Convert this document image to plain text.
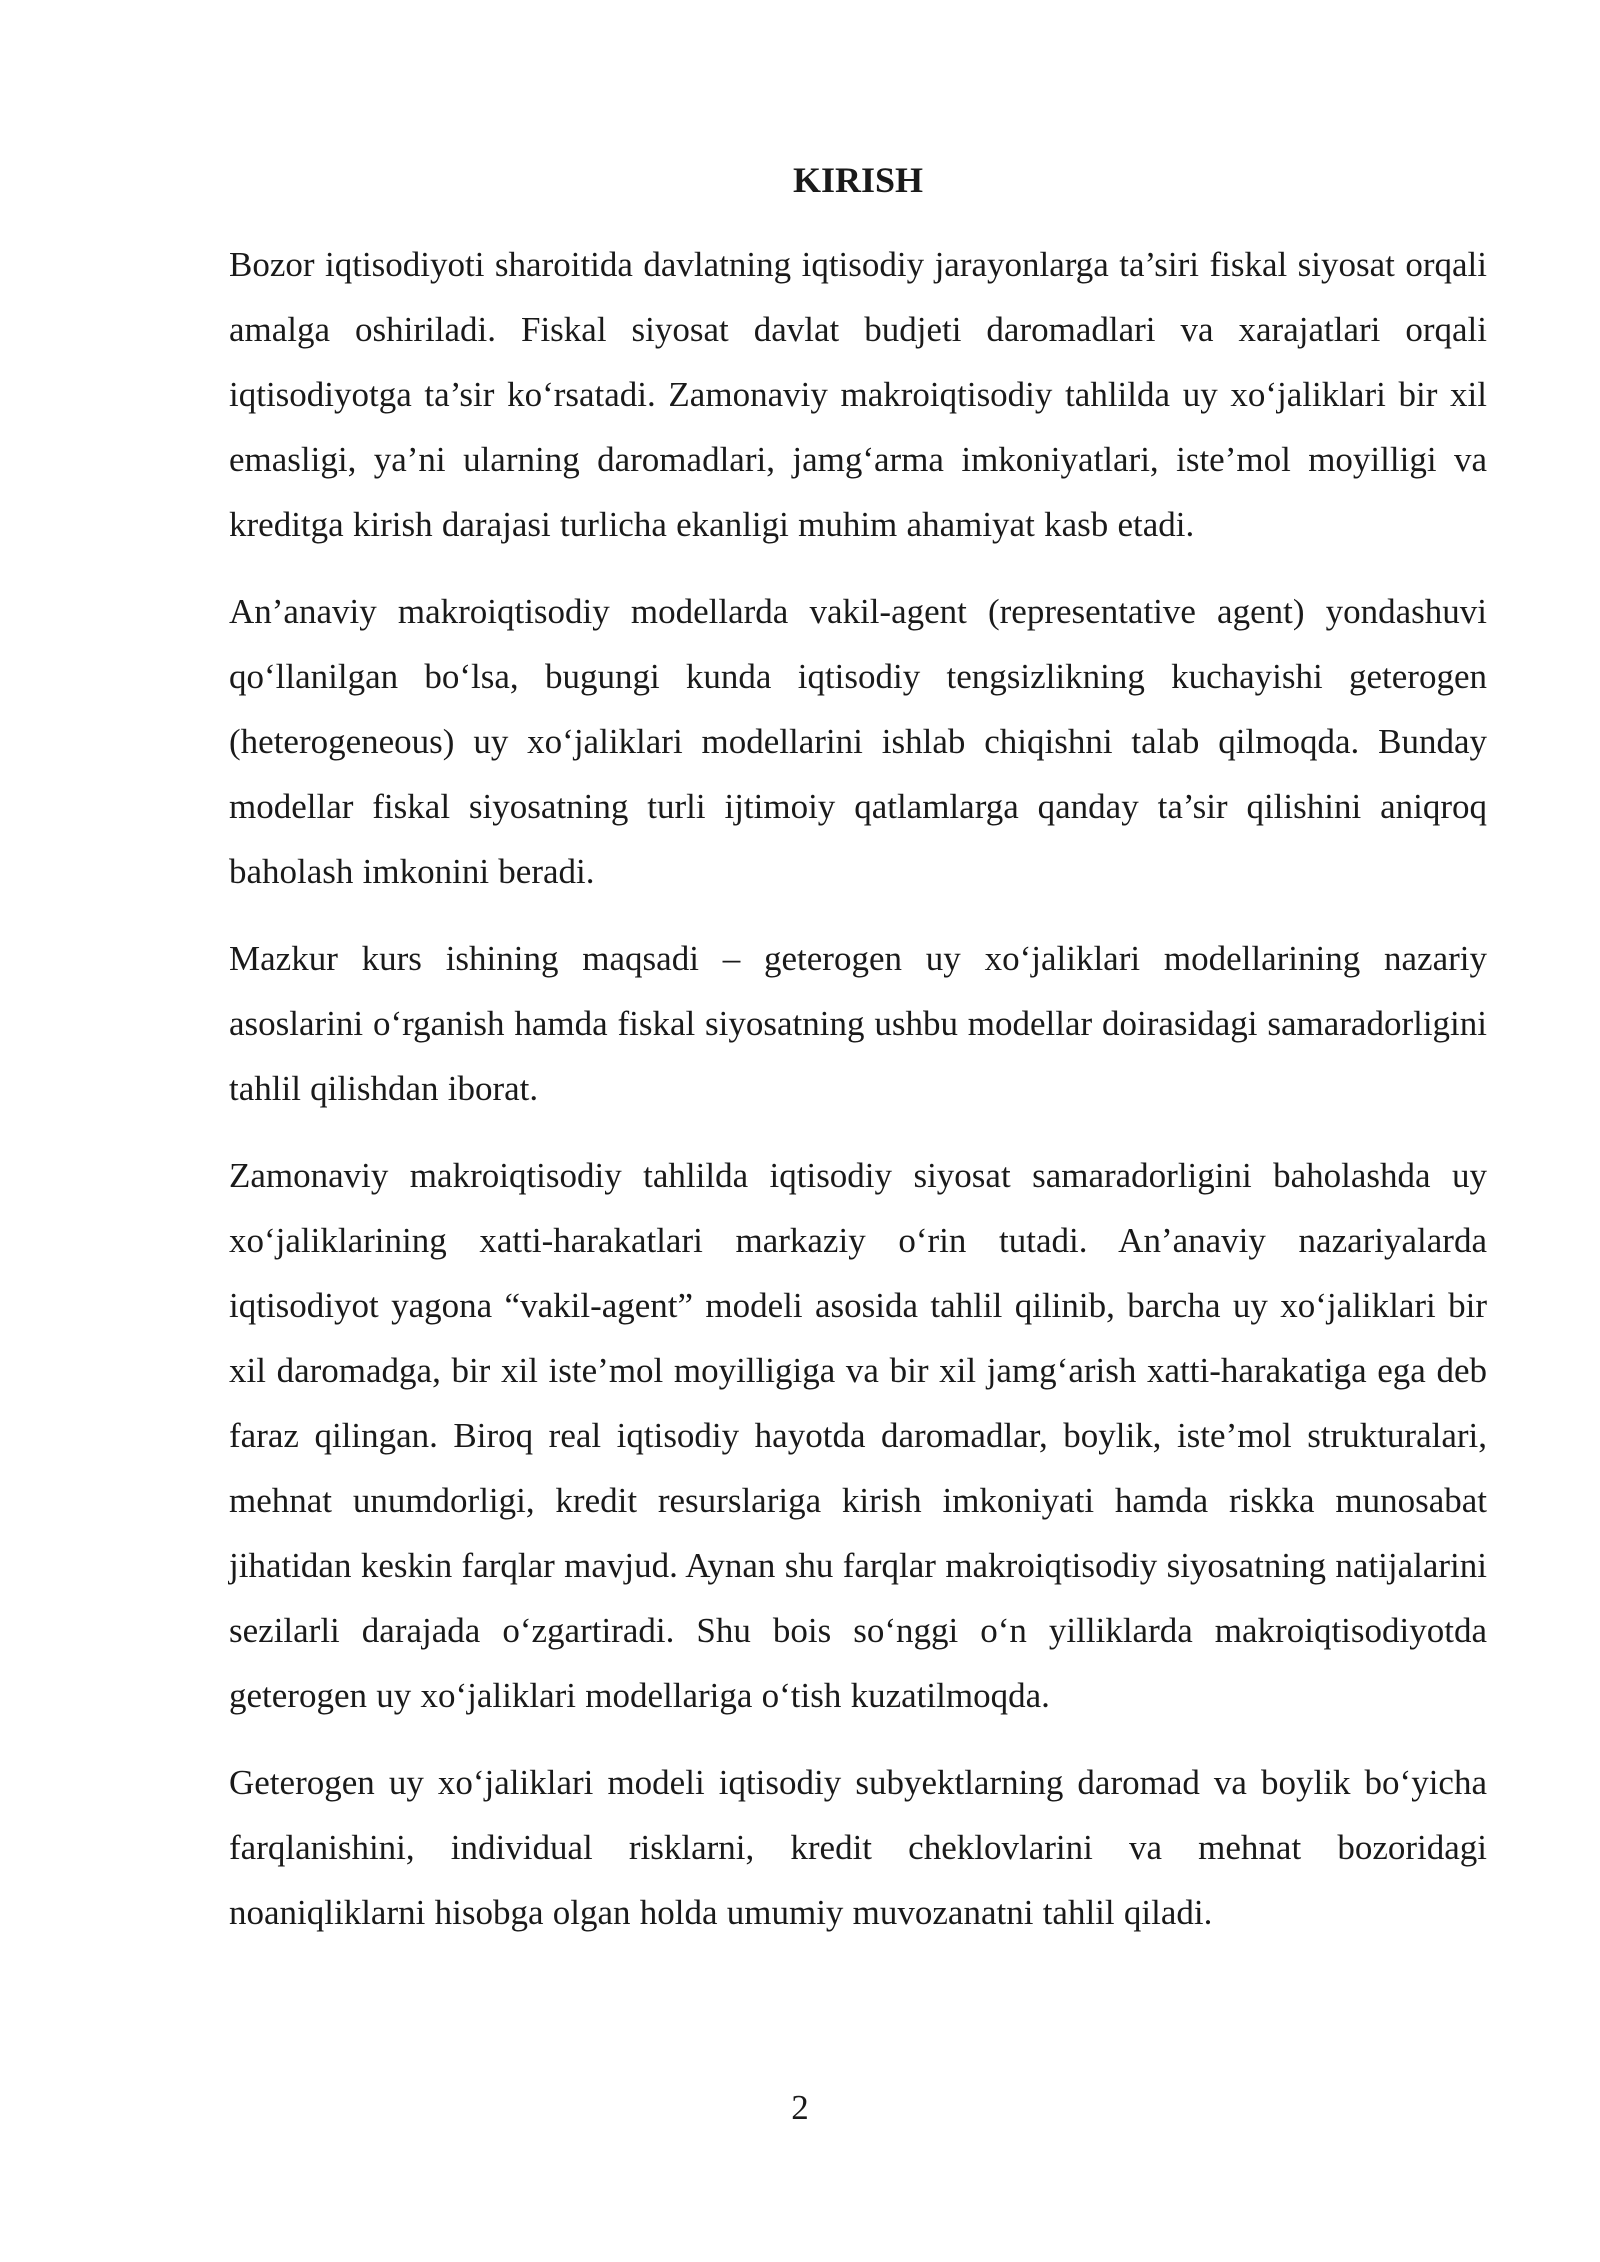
KIRISH

Bozor iqtisodiyoti sharoitida davlatning iqtisodiy jarayonlarga ta’siri fiskal siyosat orqali amalga oshiriladi. Fiskal siyosat davlat budjeti daromadlari va xarajatlari orqali iqtisodiyotga ta’sir ko‘rsatadi. Zamonaviy makroiqtisodiy tahlilda uy xo‘jaliklari bir xil emasligi, ya’ni ularning daromadlari, jamg‘arma imkoniyatlari, iste’mol moyilligi va kreditga kirish darajasi turlicha ekanligi muhim ahamiyat kasb etadi.

An’anaviy makroiqtisodiy modellarda vakil-agent (representative agent) yondashuvi qo‘llanilgan bo‘lsa, bugungi kunda iqtisodiy tengsizlikning kuchayishi geterogen (heterogeneous) uy xo‘jaliklari modellarini ishlab chiqishni talab qilmoqda. Bunday modellar fiskal siyosatning turli ijtimoiy qatlamlarga qanday ta’sir qilishini aniqroq baholash imkonini beradi.

Mazkur kurs ishining maqsadi – geterogen uy xo‘jaliklari modellarining nazariy asoslarini o‘rganish hamda fiskal siyosatning ushbu modellar doirasidagi samaradorligini tahlil qilishdan iborat.

Zamonaviy makroiqtisodiy tahlilda iqtisodiy siyosat samaradorligini baholashda uy xo‘jaliklarining xatti-harakatlari markaziy o‘rin tutadi. An’anaviy nazariyalarda iqtisodiyot yagona “vakil-agent” modeli asosida tahlil qilinib, barcha uy xo‘jaliklari bir xil daromadga, bir xil iste’mol moyilligiga va bir xil jamg‘arish xatti-harakatiga ega deb faraz qilingan. Biroq real iqtisodiy hayotda daromadlar, boylik, iste’mol strukturalari, mehnat unumdorligi, kredit resurslariga kirish imkoniyati hamda riskka munosabat jihatidan keskin farqlar mavjud. Aynan shu farqlar makroiqtisodiy siyosatning natijalarini sezilarli darajada o‘zgartiradi. Shu bois so‘nggi o‘n yilliklarda makroiqtisodiyotda geterogen uy xo‘jaliklari modellariga o‘tish kuzatilmoqda.

Geterogen uy xo‘jaliklari modeli iqtisodiy subyektlarning daromad va boylik bo‘yicha farqlanishini, individual risklarni, kredit cheklovlarini va mehnat bozoridagi noaniqliklarni hisobga olgan holda umumiy muvozanatni tahlil qiladi.

2
